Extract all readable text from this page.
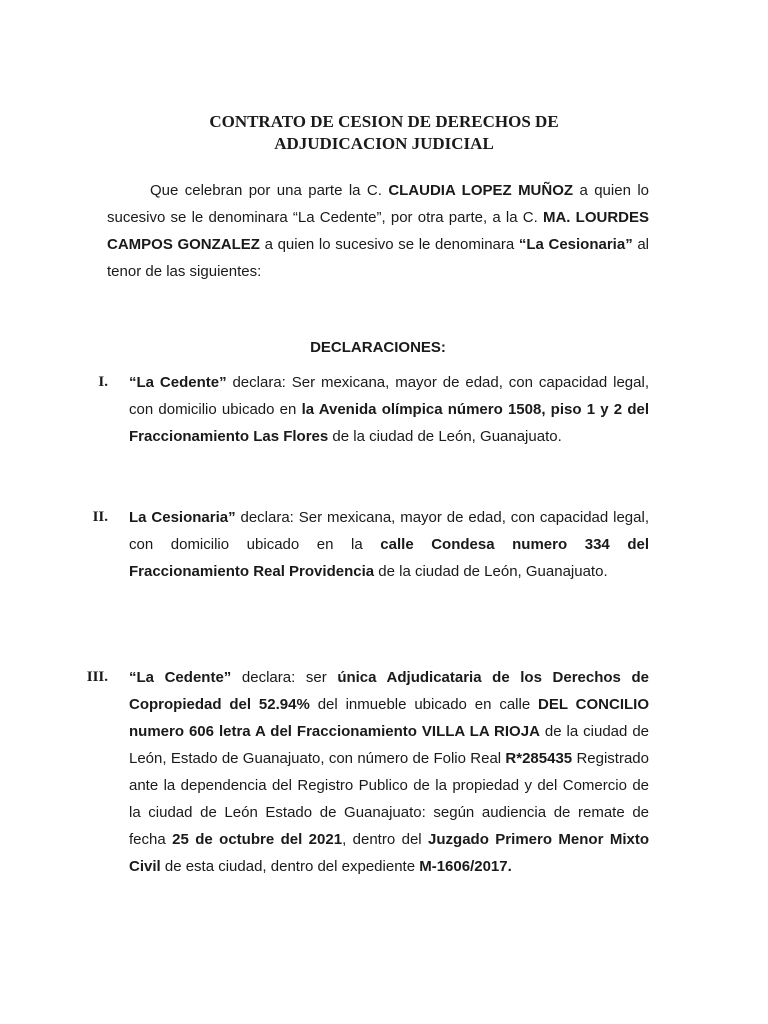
CONTRATO DE CESION DE DERECHOS DE
ADJUDICACION JUDICIAL

Que celebran por una parte la C. CLAUDIA LOPEZ MUÑOZ a quien lo sucesivo se le denominara “La Cedente”, por otra parte, a la C. MA. LOURDES CAMPOS GONZALEZ a quien lo sucesivo se le denominara “La Cesionaria” al tenor de las siguientes:

DECLARACIONES:
I. “La Cedente” declara: Ser mexicana, mayor de edad, con capacidad legal, con domicilio ubicado en la Avenida olímpica número 1508, piso 1 y 2 del Fraccionamiento Las Flores de la ciudad de León, Guanajuato.

II. La Cesionaria” declara: Ser mexicana, mayor de edad, con capacidad legal, con domicilio ubicado en la calle Condesa numero 334 del Fraccionamiento Real Providencia de la ciudad de León, Guanajuato.

III. “La Cedente” declara: ser única Adjudicataria de los Derechos de Copropiedad del 52.94% del inmueble ubicado en calle DEL CONCILIO numero 606 letra A del Fraccionamiento VILLA LA RIOJA de la ciudad de León, Estado de Guanajuato, con número de Folio Real R*285435 Registrado ante la dependencia del Registro Publico de la propiedad y del Comercio de la ciudad de León Estado de Guanajuato: según audiencia de remate de fecha 25 de octubre del 2021, dentro del Juzgado Primero Menor Mixto Civil de esta ciudad, dentro del expediente M-1606/2017.
